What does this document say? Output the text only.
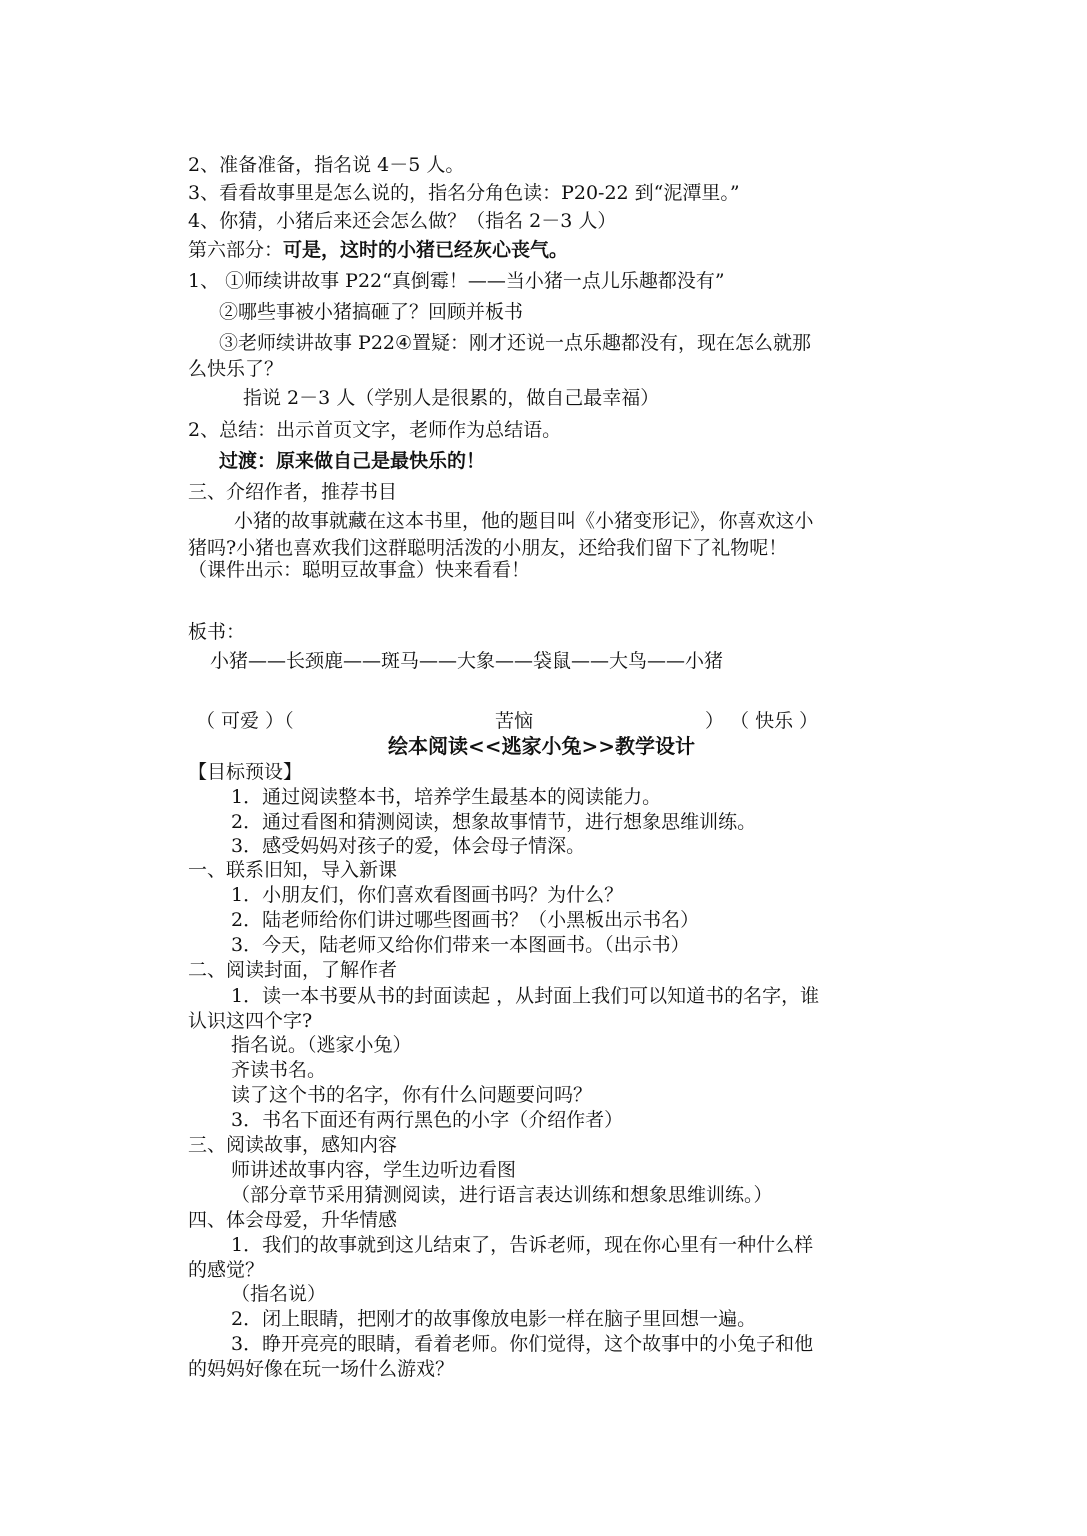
2、准备准备，指名说 4－5 人。
3、看看故事里是怎么说的，指名分角色读：P20-22 到“泥潭里。”
4、你猜，小猪后来还会怎么做？（指名 2－3 人）
第六部分：可是，这时的小猪已经灰心丧气。
1、 ①师续讲故事 P22“真倒霉！——当小猪一点儿乐趣都没有”
②哪些事被小猪搞砸了？回顾并板书
③老师续讲故事 P22④置疑：刚才还说一点乐趣都没有，现在怎么就那
么快乐了？
指说 2－3 人（学别人是很累的，做自己最幸福）
2、总结：出示首页文字，老师作为总结语。
过渡：原来做自己是最快乐的！
三、介绍作者，推荐书目
小猪的故事就藏在这本书里，他的题目叫《小猪变形记》，你喜欢这小
猪吗?小猪也喜欢我们这群聪明活泼的小朋友，还给我们留下了礼物呢！
（课件出示：聪明豆故事盒）快来看看！
板书：
小猪——长颈鹿——斑马——大象——袋鼠——大鸟——小猪
（ 可爱 ）（	苦恼	） （ 快乐 ）
绘本阅读<<逃家小兔>>教学设计
【目标预设】
1．通过阅读整本书，培养学生最基本的阅读能力。
2．通过看图和猜测阅读，想象故事情节，进行想象思维训练。
3．感受妈妈对孩子的爱，体会母子情深。
一、联系旧知，导入新课
1．小朋友们，你们喜欢看图画书吗？为什么？
2．陆老师给你们讲过哪些图画书？（小黑板出示书名）
3．今天，陆老师又给你们带来一本图画书。（出示书）
二、阅读封面，了解作者
1．读一本书要从书的封面读起 ，从封面上我们可以知道书的名字，谁
认识这四个字?
指名说。（逃家小兔）
齐读书名。
读了这个书的名字，你有什么问题要问吗？
3．书名下面还有两行黑色的小字（介绍作者）
三、阅读故事，感知内容
师讲述故事内容，学生边听边看图
（部分章节采用猜测阅读，进行语言表达训练和想象思维训练。）
四、体会母爱，升华情感
1．我们的故事就到这儿结束了，告诉老师，现在你心里有一种什么样
的感觉？
（指名说）
2．闭上眼睛，把刚才的故事像放电影一样在脑子里回想一遍。
3．睁开亮亮的眼睛，看着老师。你们觉得，这个故事中的小兔子和他
的妈妈好像在玩一场什么游戏？
